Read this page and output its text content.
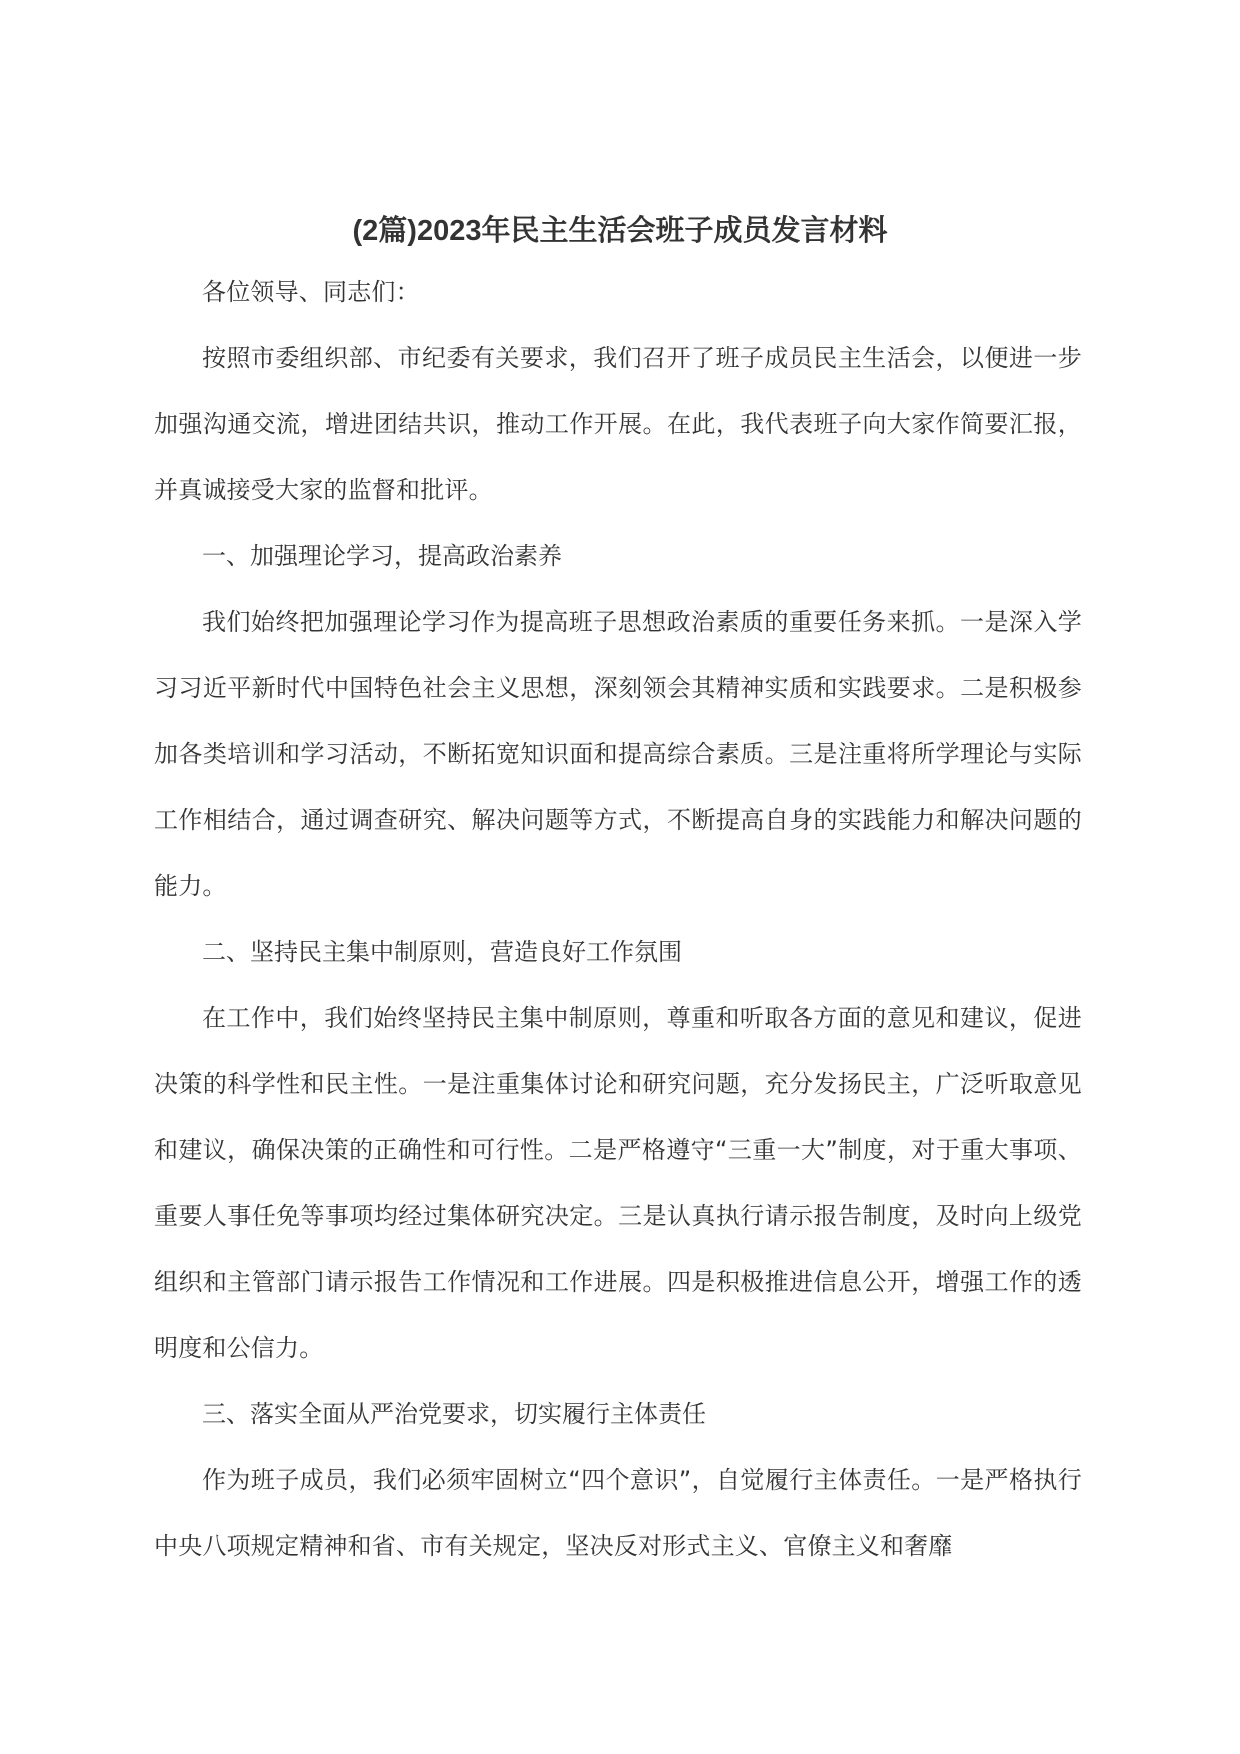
(2篇)2023年民主生活会班子成员发言材料

各位领导、同志们：

按照市委组织部、市纪委有关要求，我们召开了班子成员民主生活会，以便进一步加强沟通交流，增进团结共识，推动工作开展。在此，我代表班子向大家作简要汇报，并真诚接受大家的监督和批评。

一、加强理论学习，提高政治素养

我们始终把加强理论学习作为提高班子思想政治素质的重要任务来抓。一是深入学习习近平新时代中国特色社会主义思想，深刻领会其精神实质和实践要求。二是积极参加各类培训和学习活动，不断拓宽知识面和提高综合素质。三是注重将所学理论与实际工作相结合，通过调查研究、解决问题等方式，不断提高自身的实践能力和解决问题的能力。

二、坚持民主集中制原则，营造良好工作氛围

在工作中，我们始终坚持民主集中制原则，尊重和听取各方面的意见和建议，促进决策的科学性和民主性。一是注重集体讨论和研究问题，充分发扬民主，广泛听取意见和建议，确保决策的正确性和可行性。二是严格遵守“三重一大”制度，对于重大事项、重要人事任免等事项均经过集体研究决定。三是认真执行请示报告制度，及时向上级党组织和主管部门请示报告工作情况和工作进展。四是积极推进信息公开，增强工作的透明度和公信力。

三、落实全面从严治党要求，切实履行主体责任

作为班子成员，我们必须牢固树立“四个意识”，自觉履行主体责任。一是严格执行中央八项规定精神和省、市有关规定，坚决反对形式主义、官僚主义和奢靡
